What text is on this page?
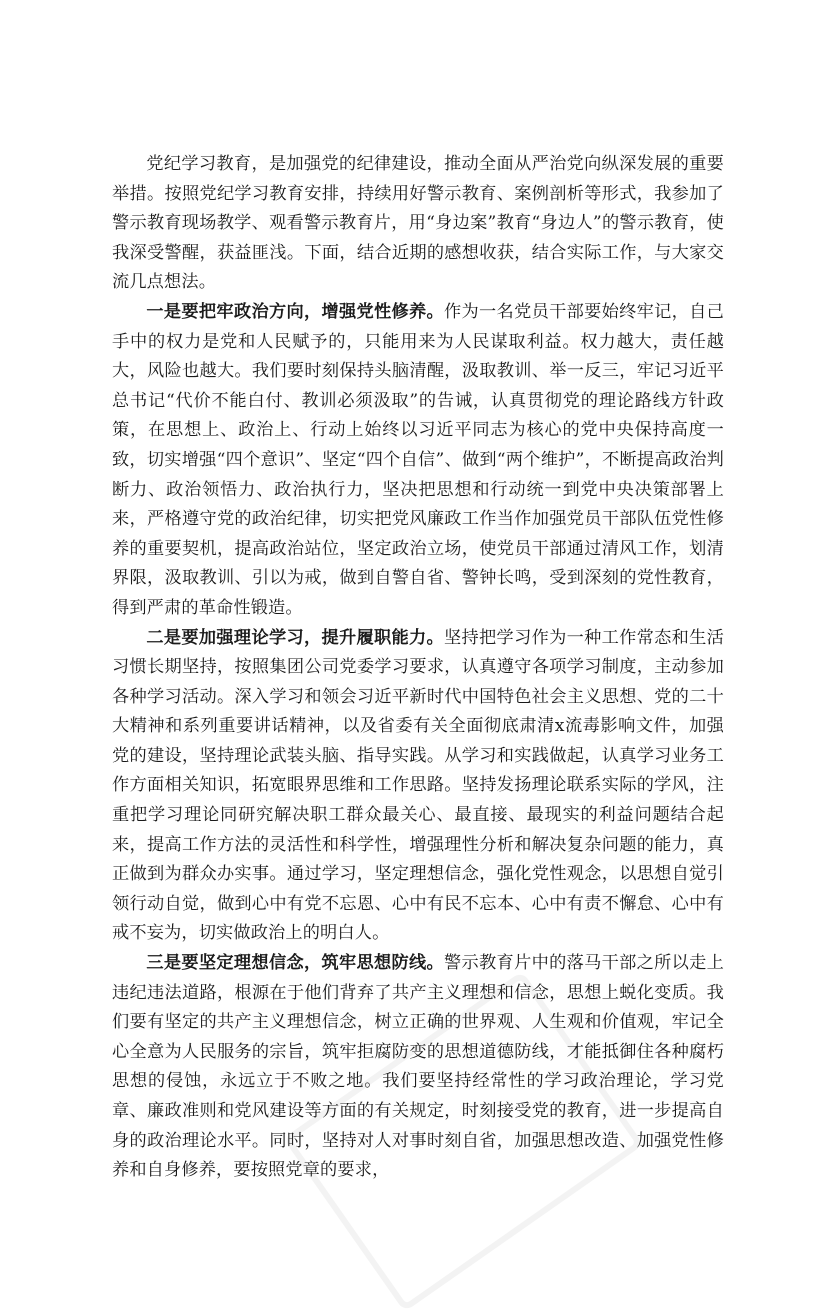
党纪学习教育，是加强党的纪律建设，推动全面从严治党向纵深发展的重要举措。按照党纪学习教育安排，持续用好警示教育、案例剖析等形式，我参加了警示教育现场教学、观看警示教育片，用“身边案”教育“身边人”的警示教育，使我深受警醒，获益匪浅。下面，结合近期的感想收获，结合实际工作，与大家交流几点想法。

一是要把牢政治方向，增强党性修养。作为一名党员干部要始终牢记，自己手中的权力是党和人民赋予的，只能用来为人民谋取利益。权力越大，责任越大，风险也越大。我们要时刻保持头脑清醒，汲取教训、举一反三，牢记习近平总书记“代价不能白付、教训必须汲取”的告诫，认真贯彻党的理论路线方针政策，在思想上、政治上、行动上始终以习近平同志为核心的党中央保持高度一致，切实增强“四个意识”、坚定“四个自信”、做到“两个维护”，不断提高政治判断力、政治领悟力、政治执行力，坚决把思想和行动统一到党中央决策部署上来，严格遵守党的政治纪律，切实把党风廉政工作当作加强党员干部队伍党性修养的重要契机，提高政治站位，坚定政治立场，使党员干部通过清风工作，划清界限，汲取教训、引以为戒，做到自警自省、警钟长鸣，受到深刻的党性教育，得到严肃的革命性锻造。

二是要加强理论学习，提升履职能力。坚持把学习作为一种工作常态和生活习惯长期坚持，按照集团公司党委学习要求，认真遵守各项学习制度，主动参加各种学习活动。深入学习和领会习近平新时代中国特色社会主义思想、党的二十大精神和系列重要讲话精神，以及省委有关全面彻底肃清x流毒影响文件，加强党的建设，坚持理论武装头脑、指导实践。从学习和实践做起，认真学习业务工作方面相关知识，拓宽眼界思维和工作思路。坚持发扬理论联系实际的学风，注重把学习理论同研究解决职工群众最关心、最直接、最现实的利益问题结合起来，提高工作方法的灵活性和科学性，增强理性分析和解决复杂问题的能力，真正做到为群众办实事。通过学习，坚定理想信念，强化党性观念，以思想自觉引领行动自觉，做到心中有党不忘恩、心中有民不忘本、心中有责不懈怠、心中有戒不妄为，切实做政治上的明白人。

三是要坚定理想信念，筑牢思想防线。警示教育片中的落马干部之所以走上违纪违法道路，根源在于他们背弃了共产主义理想和信念，思想上蜕化变质。我们要有坚定的共产主义理想信念，树立正确的世界观、人生观和价值观，牢记全心全意为人民服务的宗旨，筑牢拒腐防变的思想道德防线，才能抵御住各种腐朽思想的侵蚀，永远立于不败之地。我们要坚持经常性的学习政治理论，学习党章、廉政准则和党风建设等方面的有关规定，时刻接受党的教育，进一步提高自身的政治理论水平。同时，坚持对人对事时刻自省，加强思想改造、加强党性修养和自身修养，要按照党章的要求，
